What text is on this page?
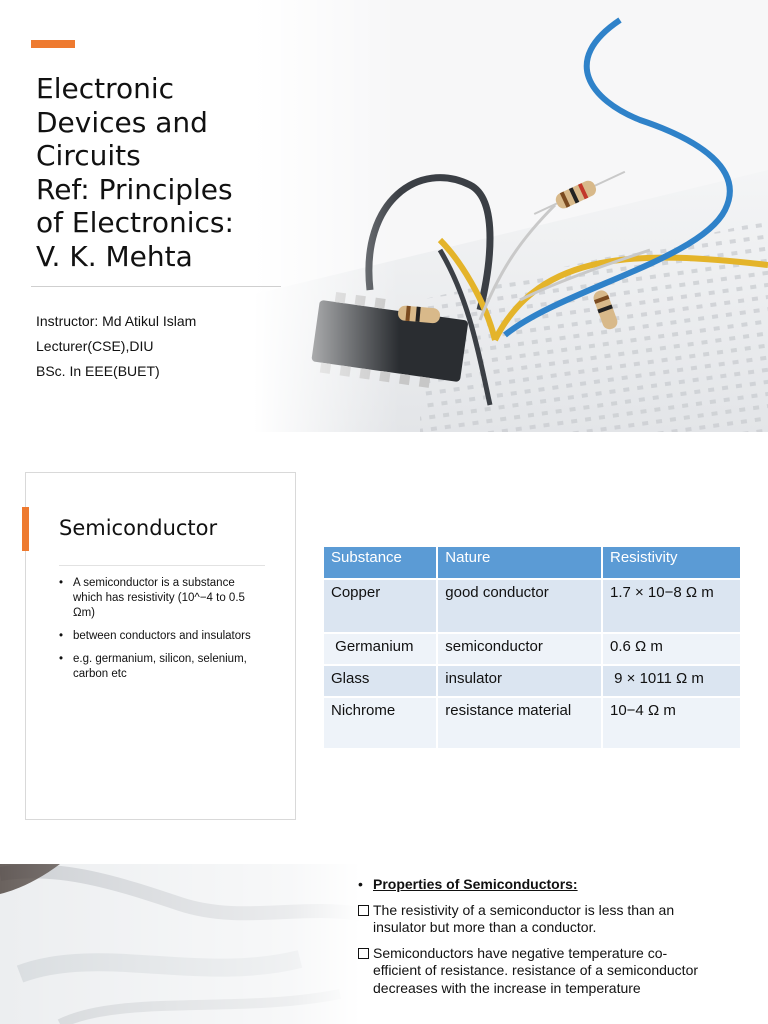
Electronic
Devices and
Circuits
Ref: Principles
of Electronics:
V. K. Mehta
Instructor: Md Atikul Islam
Lecturer(CSE),DIU
BSc. In EEE(BUET)
Semiconductor
• A semiconductor is a substance which has resistivity (10^−4 to 0.5 Ωm)
• between conductors and insulators
• e.g. germanium, silicon, selenium, carbon etc
Substance	Nature	Resistivity
Copper	good conductor	1.7 × 10−8 Ω m
Germanium	semiconductor	0.6 Ω m
Glass	insulator	9 × 1011 Ω m
Nichrome	resistance material	10−4 Ω m
• Properties of Semiconductors:
The resistivity of a semiconductor is less than an insulator but more than a conductor.
Semiconductors have negative temperature co-efficient of resistance. resistance of a semiconductor decreases with the increase in temperature
